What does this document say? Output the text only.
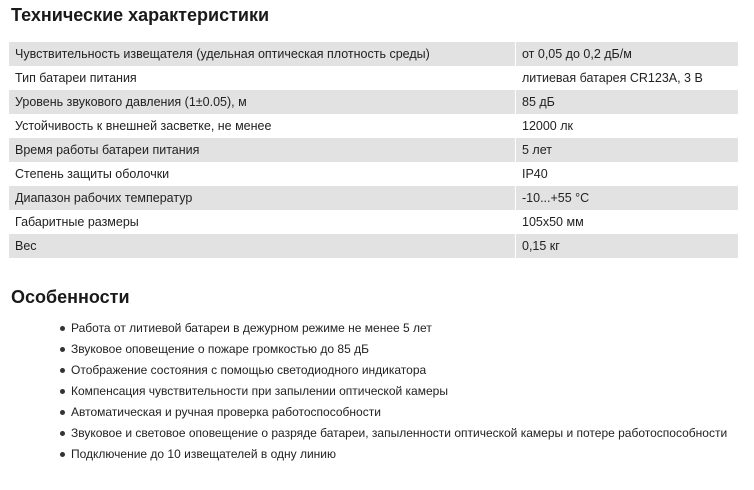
Технические характеристики
Чувствительность извещателя (удельная оптическая плотность среды)	от 0,05 до 0,2 дБ/м
Тип батареи питания	литиевая батарея CR123A, 3 В
Уровень звукового давления (1±0.05), м	85 дБ
Устойчивость к внешней засветке, не менее	12000 лк
Время работы батареи питания	5 лет
Степень защиты оболочки	IP40
Диапазон рабочих температур	-10...+55 °С
Габаритные размеры	105х50 мм
Вес	0,15 кг
Особенности
Работа от литиевой батареи в дежурном режиме не менее 5 лет
Звуковое оповещение о пожаре громкостью до 85 дБ
Отображение состояния с помощью светодиодного индикатора
Компенсация чувствительности при запылении оптической камеры
Автоматическая и ручная проверка работоспособности
Звуковое и световое оповещение о разряде батареи, запыленности оптической камеры и потере работоспособности
Подключение до 10 извещателей в одну линию
